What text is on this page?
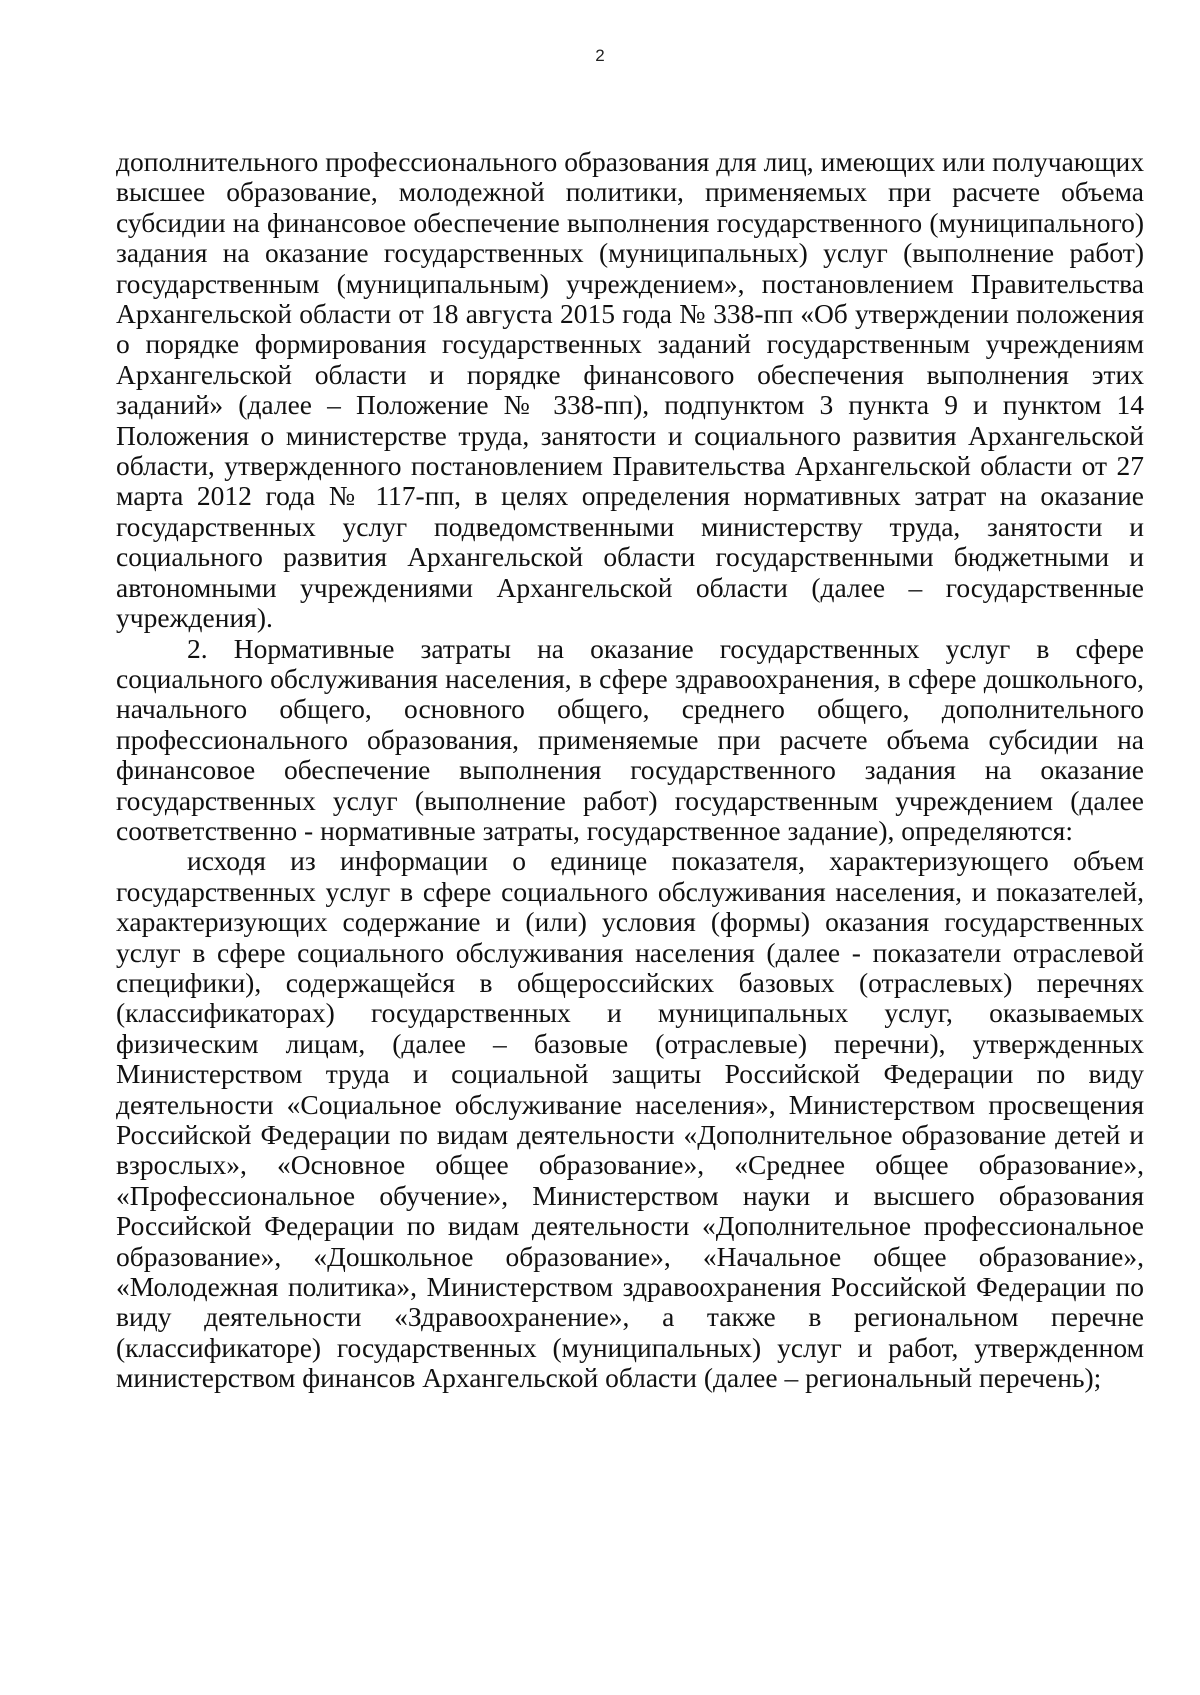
2

дополнительного профессионального образования для лиц, имеющих или получающих высшее образование, молодежной политики, применяемых при расчете объема субсидии на финансовое обеспечение выполнения государственного (муниципального) задания на оказание государственных (муниципальных) услуг (выполнение работ) государственным (муниципальным) учреждением», постановлением Правительства Архангельской области от 18 августа 2015 года № 338-пп «Об утверждении положения о порядке формирования государственных заданий государственным учреждениям Архангельской области и порядке финансового обеспечения выполнения этих заданий» (далее – Положение № 338-пп), подпунктом 3 пункта 9 и пунктом 14 Положения о министерстве труда, занятости и социального развития Архангельской области, утвержденного постановлением Правительства Архангельской области от 27 марта 2012 года № 117-пп, в целях определения нормативных затрат на оказание государственных услуг подведомственными министерству труда, занятости и социального развития Архангельской области государственными бюджетными и автономными учреждениями Архангельской области (далее – государственные учреждения).

2. Нормативные затраты на оказание государственных услуг в сфере социального обслуживания населения, в сфере здравоохранения, в сфере дошкольного, начального общего, основного общего, среднего общего, дополнительного профессионального образования, применяемые при расчете объема субсидии на финансовое обеспечение выполнения государственного задания на оказание государственных услуг (выполнение работ) государственным учреждением (далее соответственно - нормативные затраты, государственное задание), определяются:

исходя из информации о единице показателя, характеризующего объем государственных услуг в сфере социального обслуживания населения, и показателей, характеризующих содержание и (или) условия (формы) оказания государственных услуг в сфере социального обслуживания населения (далее - показатели отраслевой специфики), содержащейся в общероссийских базовых (отраслевых) перечнях (классификаторах) государственных и муниципальных услуг, оказываемых физическим лицам, (далее – базовые (отраслевые) перечни), утвержденных Министерством труда и социальной защиты Российской Федерации по виду деятельности «Социальное обслуживание населения», Министерством просвещения Российской Федерации по видам деятельности «Дополнительное образование детей и взрослых», «Основное общее образование», «Среднее общее образование», «Профессиональное обучение», Министерством науки и высшего образования Российской Федерации по видам деятельности «Дополнительное профессиональное образование», «Дошкольное образование», «Начальное общее образование», «Молодежная политика», Министерством здравоохранения Российской Федерации по виду деятельности «Здравоохранение», а также в региональном перечне (классификаторе) государственных (муниципальных) услуг и работ, утвержденном министерством финансов Архангельской области (далее – региональный перечень);
